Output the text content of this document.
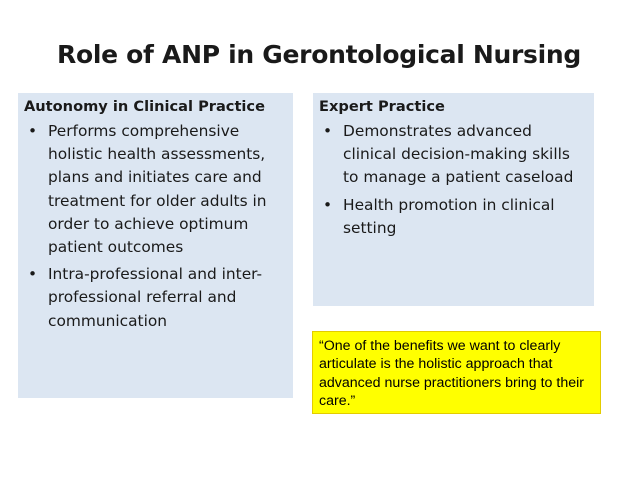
Role of ANP in Gerontological Nursing
Autonomy in Clinical Practice
• Performs comprehensive holistic health assessments, plans and initiates care and treatment for older adults in order to achieve optimum patient outcomes
• Intra-professional and inter-professional referral and communication
Expert Practice
• Demonstrates advanced clinical decision-making skills to manage a patient caseload
• Health promotion in clinical setting
“One of the benefits we want to clearly articulate is the holistic approach that advanced nurse practitioners bring to their care.”
